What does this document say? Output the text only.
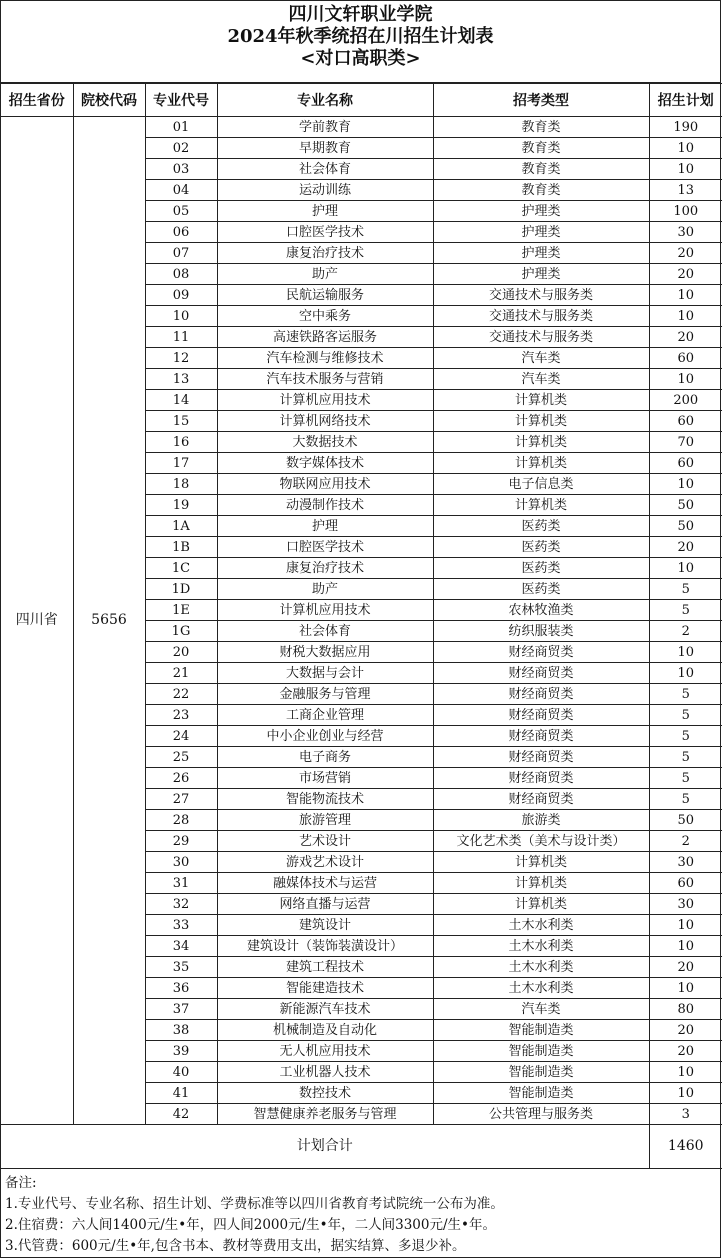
四川文轩职业学院
2024年秋季统招在川招生计划表
<对口高职类>
招生省份	院校代码	专业代号	专业名称	招考类型	招生计划
四川省	5656	01	学前教育	教育类	190
		02	早期教育	教育类	10
		03	社会体育	教育类	10
		04	运动训练	教育类	13
		05	护理	护理类	100
		06	口腔医学技术	护理类	30
		07	康复治疗技术	护理类	20
		08	助产	护理类	20
		09	民航运输服务	交通技术与服务类	10
		10	空中乘务	交通技术与服务类	10
		11	高速铁路客运服务	交通技术与服务类	20
		12	汽车检测与维修技术	汽车类	60
		13	汽车技术服务与营销	汽车类	10
		14	计算机应用技术	计算机类	200
		15	计算机网络技术	计算机类	60
		16	大数据技术	计算机类	70
		17	数字媒体技术	计算机类	60
		18	物联网应用技术	电子信息类	10
		19	动漫制作技术	计算机类	50
		1A	护理	医药类	50
		1B	口腔医学技术	医药类	20
		1C	康复治疗技术	医药类	10
		1D	助产	医药类	5
		1E	计算机应用技术	农林牧渔类	5
		1G	社会体育	纺织服装类	2
		20	财税大数据应用	财经商贸类	10
		21	大数据与会计	财经商贸类	10
		22	金融服务与管理	财经商贸类	5
		23	工商企业管理	财经商贸类	5
		24	中小企业创业与经营	财经商贸类	5
		25	电子商务	财经商贸类	5
		26	市场营销	财经商贸类	5
		27	智能物流技术	财经商贸类	5
		28	旅游管理	旅游类	50
		29	艺术设计	文化艺术类（美术与设计类）	2
		30	游戏艺术设计	计算机类	30
		31	融媒体技术与运营	计算机类	60
		32	网络直播与运营	计算机类	30
		33	建筑设计	土木水利类	10
		34	建筑设计（装饰装潢设计）	土木水利类	10
		35	建筑工程技术	土木水利类	20
		36	智能建造技术	土木水利类	10
		37	新能源汽车技术	汽车类	80
		38	机械制造及自动化	智能制造类	20
		39	无人机应用技术	智能制造类	20
		40	工业机器人技术	智能制造类	10
		41	数控技术	智能制造类	10
		42	智慧健康养老服务与管理	公共管理与服务类	3
计划合计					1460
备注:
1.专业代号、专业名称、招生计划、学费标准等以四川省教育考试院统一公布为准。
2.住宿费：六人间1400元/生•年，四人间2000元/生•年，二人间3300元/生•年。
3.代管费：600元/生•年,包含书本、教材等费用支出，据实结算、多退少补。
